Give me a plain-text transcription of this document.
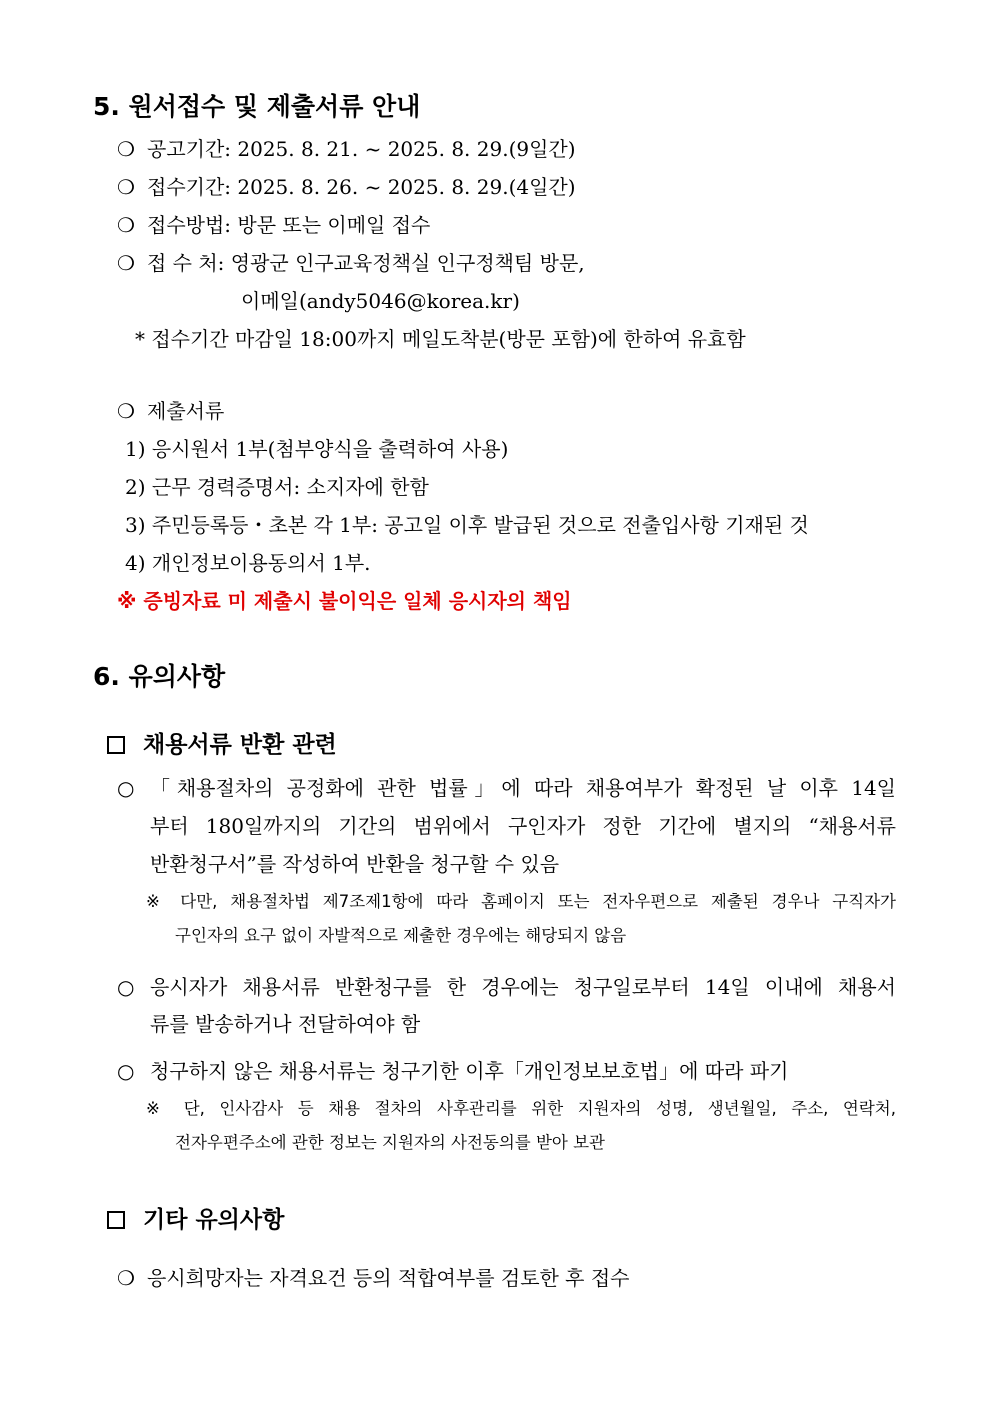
5. 원서접수 및 제출서류 안내
❍ 공고기간: 2025. 8. 21. ~ 2025. 8. 29.(9일간)
❍ 접수기간: 2025. 8. 26. ~ 2025. 8. 29.(4일간)
❍ 접수방법: 방문 또는 이메일 접수
❍ 접 수 처: 영광군 인구교육정책실 인구정책팀 방문,
이메일(andy5046@korea.kr)
* 접수기간 마감일 18:00까지 메일도착분(방문 포함)에 한하여 유효함
❍ 제출서류
1) 응시원서 1부(첨부양식을 출력하여 사용)
2) 근무 경력증명서: 소지자에 한함
3) 주민등록등・초본 각 1부: 공고일 이후 발급된 것으로 전출입사항 기재된 것
4) 개인정보이용동의서 1부.
※ 증빙자료 미 제출시 불이익은 일체 응시자의 책임
6. 유의사항
채용서류 반환 관련
○ 「채용절차의 공정화에 관한 법률」에 따라 채용여부가 확정된 날 이후 14일
부터 180일까지의 기간의 범위에서 구인자가 정한 기간에 별지의 “채용서류
반환청구서”를 작성하여 반환을 청구할 수 있음
※ 다만, 채용절차법 제7조제1항에 따라 홈페이지 또는 전자우편으로 제출된 경우나 구직자가
구인자의 요구 없이 자발적으로 제출한 경우에는 해당되지 않음
○ 응시자가 채용서류 반환청구를 한 경우에는 청구일로부터 14일 이내에 채용서
류를 발송하거나 전달하여야 함
○ 청구하지 않은 채용서류는 청구기한 이후「개인정보보호법」에 따라 파기
※ 단, 인사감사 등 채용 절차의 사후관리를 위한 지원자의 성명, 생년월일, 주소, 연락처,
전자우편주소에 관한 정보는 지원자의 사전동의를 받아 보관
기타 유의사항
❍ 응시희망자는 자격요건 등의 적합여부를 검토한 후 접수
